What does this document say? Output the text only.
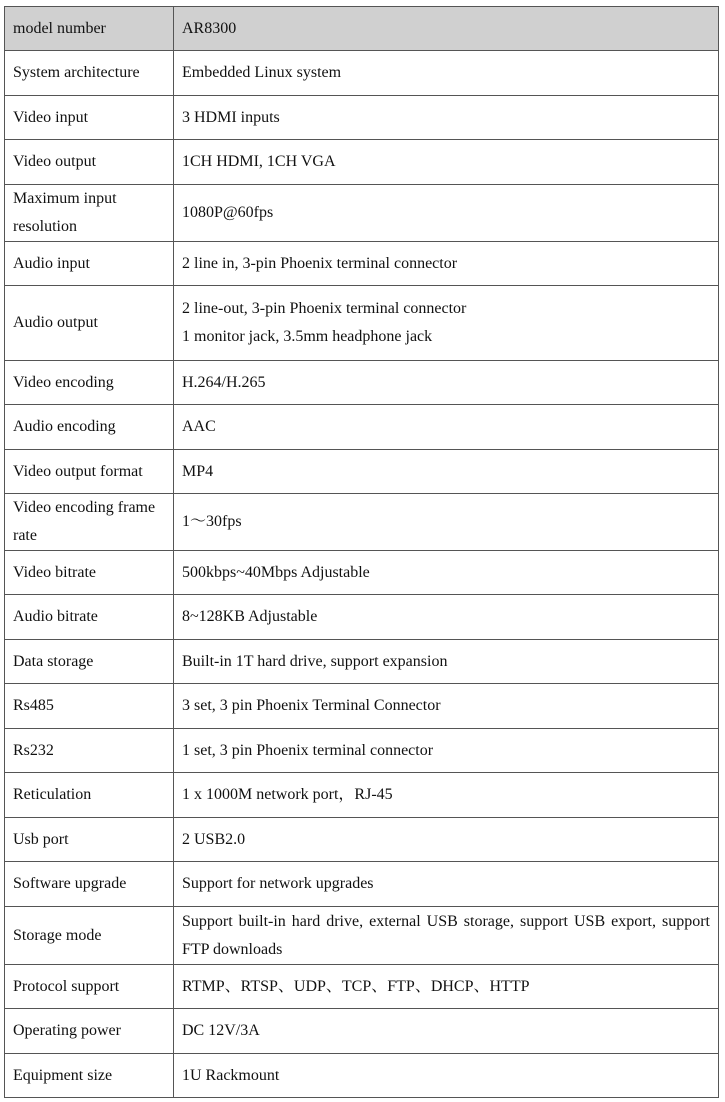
model number	AR8300
System architecture	Embedded Linux system

Video input	3 HDMI inputs

Video output	1CH HDMI, 1CH VGA

Maximum input resolution	1080P@60fps

Audio input	2 line in, 3-pin Phoenix terminal connector

Audio output	2 line-out, 3-pin Phoenix terminal connector
1 monitor jack, 3.5mm headphone jack

Video encoding	H.264/H.265

Audio encoding	AAC

Video output format	MP4

Video encoding frame rate	1～30fps

Video bitrate	500kbps~40Mbps Adjustable

Audio bitrate	8~128KB Adjustable

Data storage	Built-in 1T hard drive, support expansion

Rs485	3 set, 3 pin Phoenix Terminal Connector

Rs232	1 set, 3 pin Phoenix terminal connector

Reticulation	1 x 1000M network port，RJ-45

Usb port	2 USB2.0

Software upgrade	Support for network upgrades

Storage mode	Support built-in hard drive, external USB storage, support USB export, support FTP downloads

Protocol support	RTMP、RTSP、UDP、TCP、FTP、DHCP、HTTP

Operating power	DC 12V/3A

Equipment size	1U Rackmount
